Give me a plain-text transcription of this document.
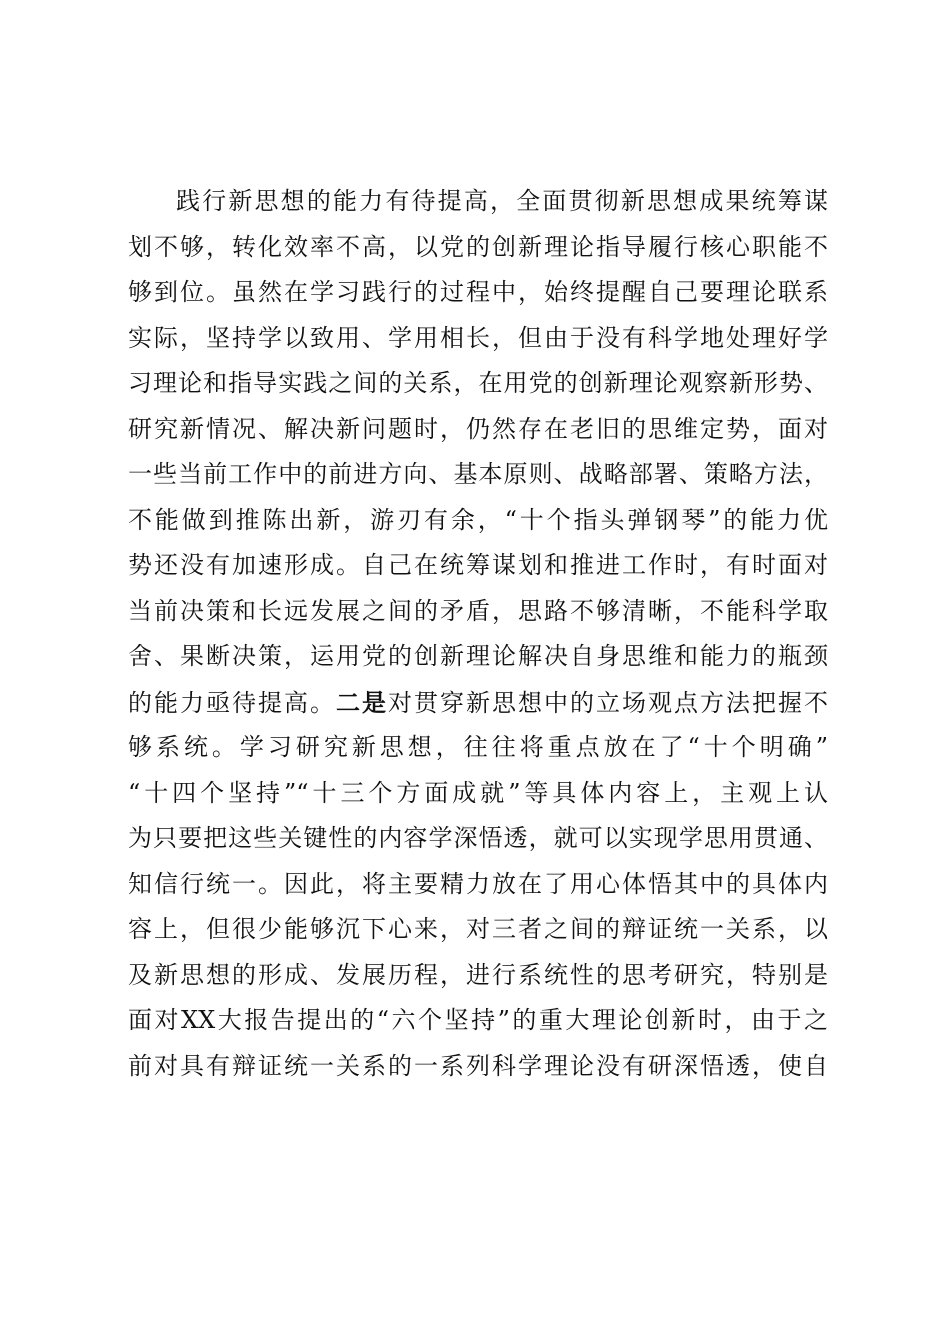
践行新思想的能力有待提高，全面贯彻新思想成果统筹谋
划不够，转化效率不高，以党的创新理论指导履行核心职能不
够到位。虽然在学习践行的过程中，始终提醒自己要理论联系
实际，坚持学以致用、学用相长，但由于没有科学地处理好学
习理论和指导实践之间的关系，在用党的创新理论观察新形势、
研究新情况、解决新问题时，仍然存在老旧的思维定势，面对
一些当前工作中的前进方向、基本原则、战略部署、策略方法，
不能做到推陈出新，游刃有余，“十个指头弹钢琴”的能力优
势还没有加速形成。自己在统筹谋划和推进工作时，有时面对
当前决策和长远发展之间的矛盾，思路不够清晰，不能科学取
舍、果断决策，运用党的创新理论解决自身思维和能力的瓶颈
的能力亟待提高。二是对贯穿新思想中的立场观点方法把握不
够系统。学习研究新思想，往往将重点放在了“十个明确”
“十四个坚持”“十三个方面成就”等具体内容上，主观上认
为只要把这些关键性的内容学深悟透，就可以实现学思用贯通、
知信行统一。因此，将主要精力放在了用心体悟其中的具体内
容上，但很少能够沉下心来，对三者之间的辩证统一关系，以
及新思想的形成、发展历程，进行系统性的思考研究，特别是
面对XX大报告提出的“六个坚持”的重大理论创新时，由于之
前对具有辩证统一关系的一系列科学理论没有研深悟透，使自
